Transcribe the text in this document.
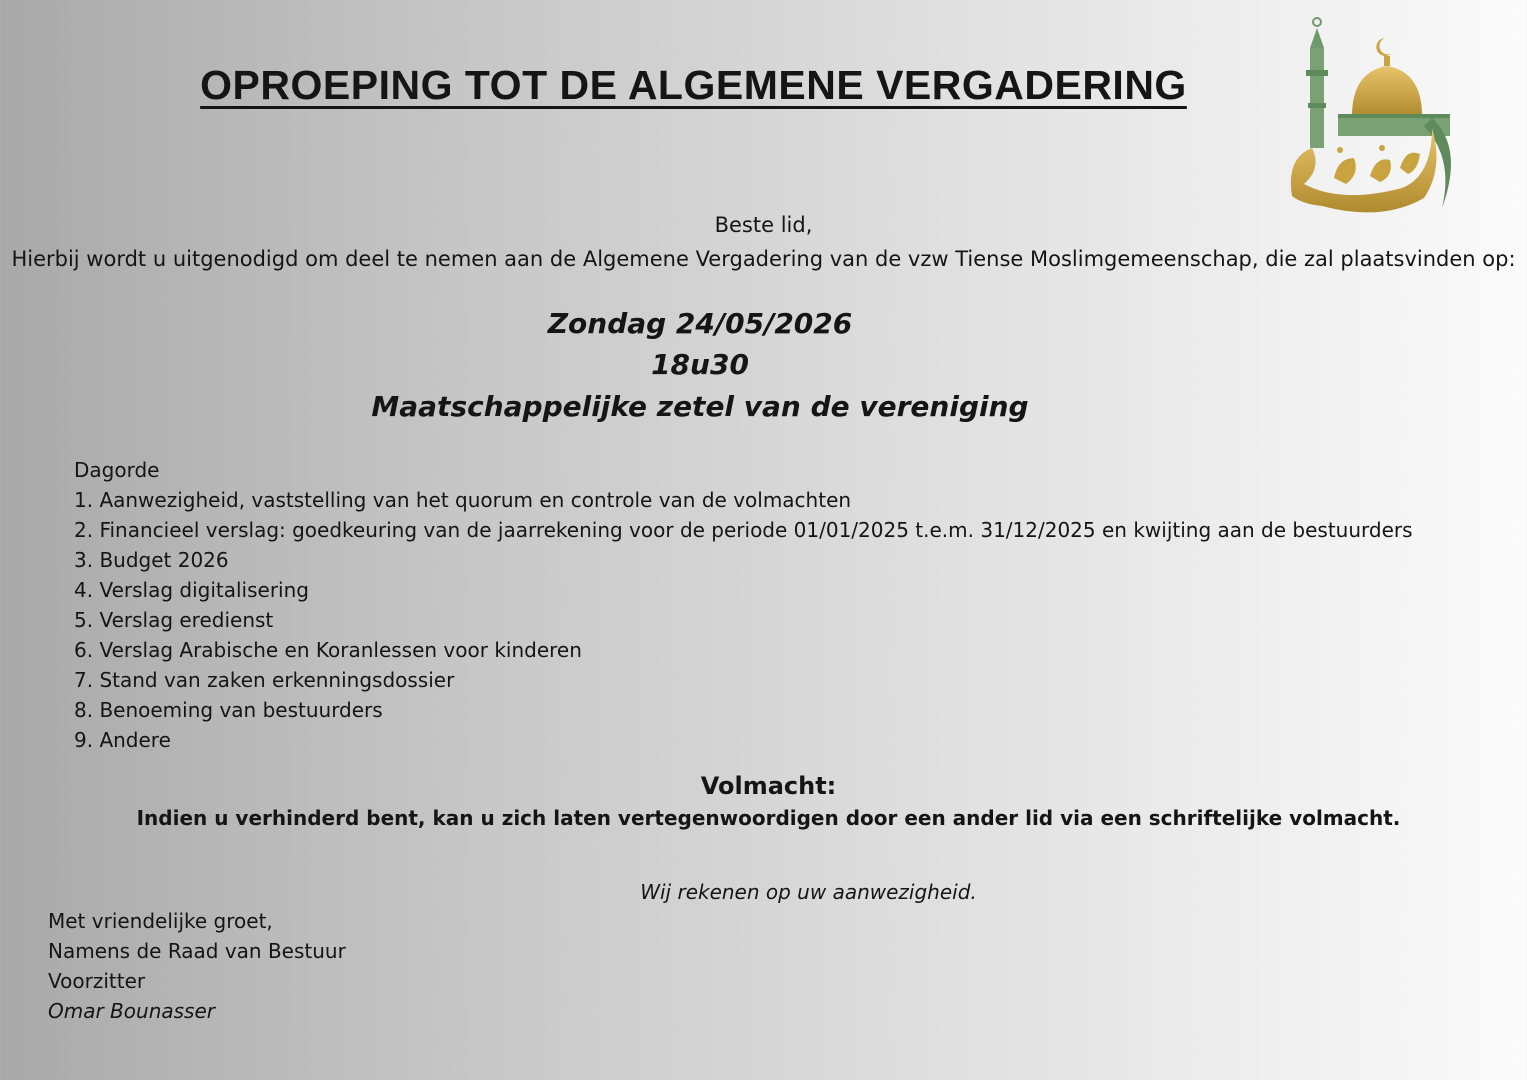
OPROEPING TOT DE ALGEMENE VERGADERING
Beste lid,
Hierbij wordt u uitgenodigd om deel te nemen aan de Algemene Vergadering van de vzw Tiense Moslimgemeenschap, die zal plaatsvinden op:
Zondag 24/05/2026
18u30
Maatschappelijke zetel van de vereniging
Dagorde
1. Aanwezigheid, vaststelling van het quorum en controle van de volmachten
2. Financieel verslag: goedkeuring van de jaarrekening voor de periode 01/01/2025 t.e.m. 31/12/2025 en kwijting aan de bestuurders
3. Budget 2026
4. Verslag digitalisering
5. Verslag eredienst
6. Verslag Arabische en Koranlessen voor kinderen
7. Stand van zaken erkenningsdossier
8. Benoeming van bestuurders
9. Andere
Volmacht:
Indien u verhinderd bent, kan u zich laten vertegenwoordigen door een ander lid via een schriftelijke volmacht.
Wij rekenen op uw aanwezigheid.
Met vriendelijke groet,
Namens de Raad van Bestuur
Voorzitter
Omar Bounasser
